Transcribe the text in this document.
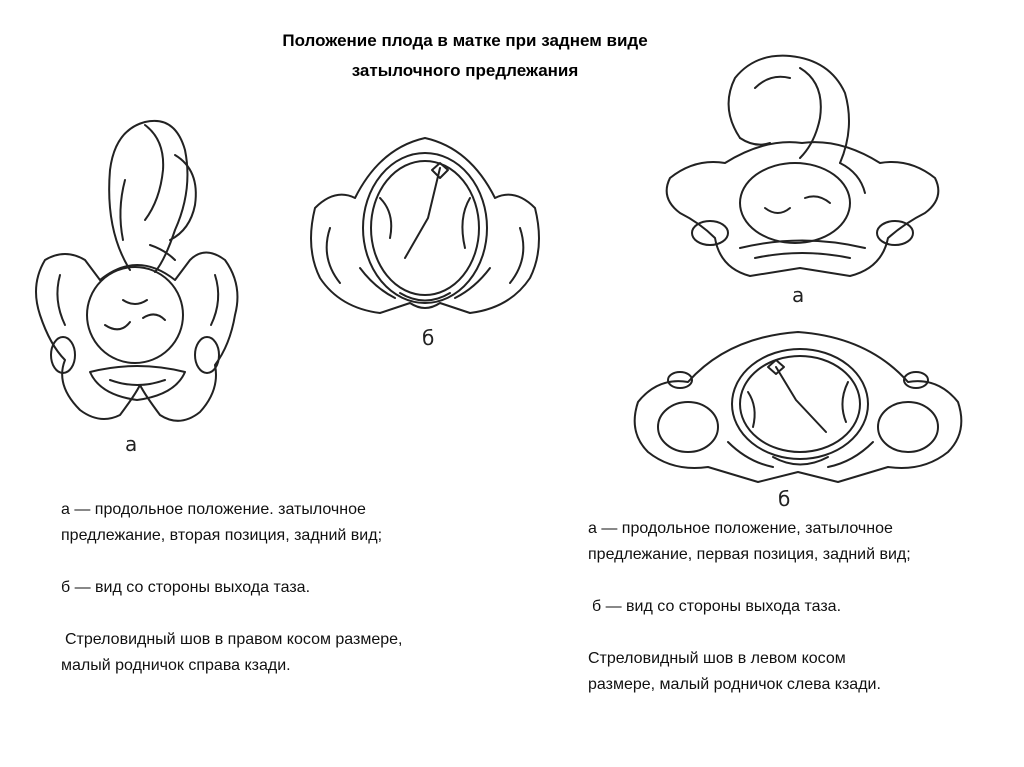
Положение плода в матке при заднем виде
затылочного предлежания
а
б
а
б

а — продольное положение. затылочное

предлежание, вторая позиция, задний вид;

б — вид со стороны выхода таза.

Стреловидный шов в правом косом размере,

малый родничок справа кзади.

а — продольное положение, затылочное

предлежание, первая позиция, задний вид;

б — вид со стороны выхода таза.

Стреловидный шов в левом косом

размере, малый родничок слева кзади.
